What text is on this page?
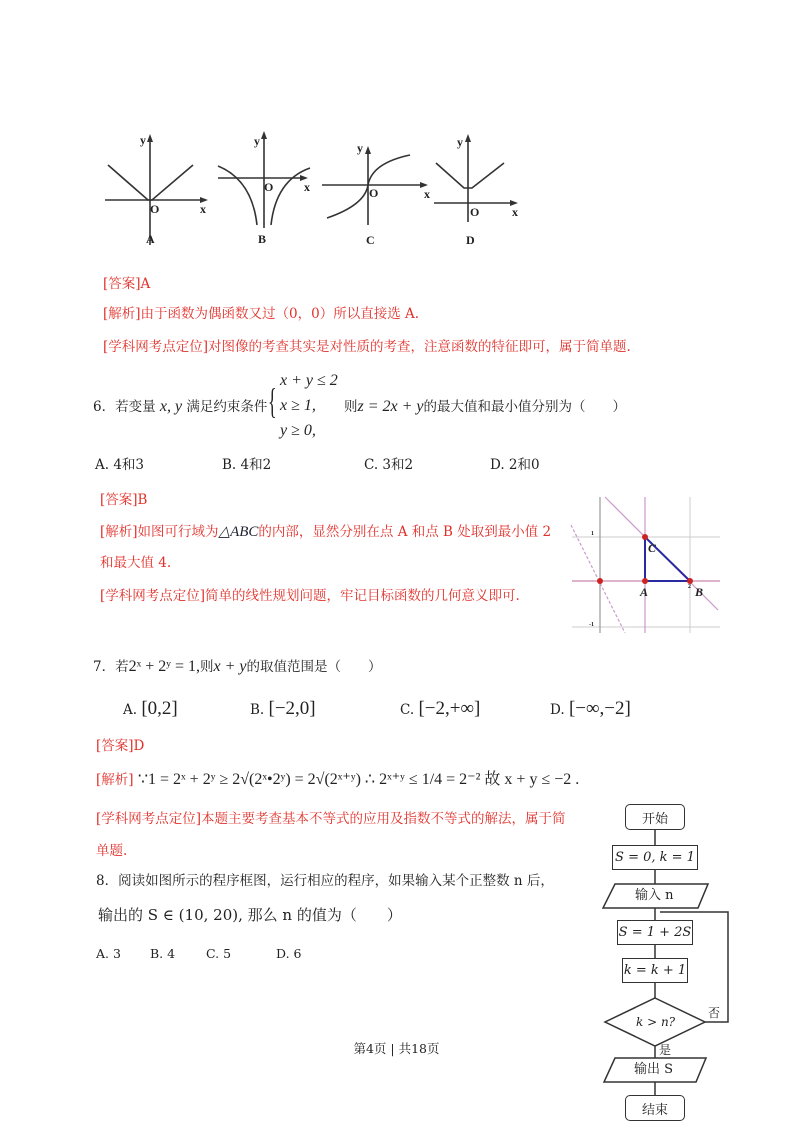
y
O	x
y
O	x
y
O	x
y
O	x
A	B	C	D
[答案]A
[解析]由于函数为偶函数又过（0，0）所以直接选 A.
[学科网考点定位]对图像的考查其实是对性质的考查，注意函数的特征即可，属于简单题.
6．若变量 x, y 满足约束条件 {
x + y ≤ 2
x ≥ 1,
y ≥ 0,
则z = 2x + y的最大值和最小值分别为（　　）
A. 4和3	B. 4和2	C. 3和2	D. 2和0
[答案]B
[解析]如图可行域为△ABC的内部，显然分别在点 A 和点 B 处取到最小值 2
和最大值 4.
[学科网考点定位]简单的线性规划问题，牢记目标函数的几何意义即可.
C
A	B
1
2
-1
7．若2ˣ + 2ʸ = 1,则x + y的取值范围是（　　）
A. [0,2]	B. [−2,0]	C. [−2,+∞]	D. [−∞,−2]
[答案]D
[解析] ∵1 = 2ˣ + 2ʸ ≥ 2√(2ˣ•2ʸ) = 2√(2ˣ⁺ʸ) ∴ 2ˣ⁺ʸ ≤ 1/4 = 2⁻² 故 x + y ≤ −2 .
[学科网考点定位]本题主要考查基本不等式的应用及指数不等式的解法，属于简
单题.
8．阅读如图所示的程序框图，运行相应的程序，如果输入某个正整数 n 后，
输出的 S ∈ (10, 20), 那么 n 的值为（　　）
A. 3 B. 4 C. 5	D. 6
开始
S = 0, k = 1
输入 n
S = 1 + 2S
k = k + 1
k > n?
否
是
输出 S
结束
第4页 | 共18页
